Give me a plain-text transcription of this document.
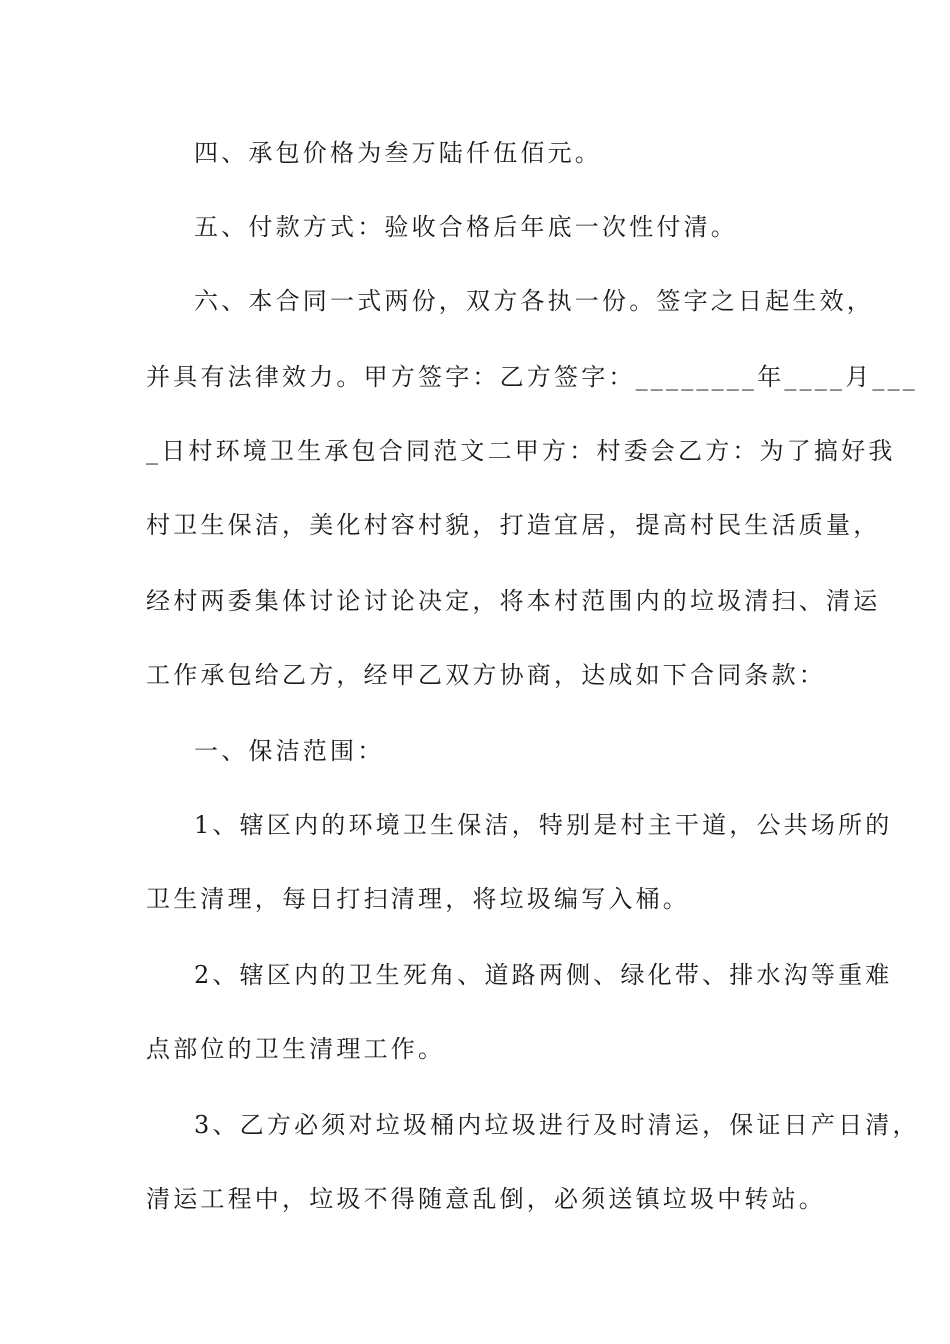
四、承包价格为叁万陆仟伍佰元。
五、付款方式：验收合格后年底一次性付清。
六、本合同一式两份，双方各执一份。签字之日起生效，
并具有法律效力。甲方签字：乙方签字：________年____月___
_日村环境卫生承包合同范文二甲方：村委会乙方：为了搞好我
村卫生保洁，美化村容村貌，打造宜居，提高村民生活质量，
经村两委集体讨论讨论决定，将本村范围内的垃圾清扫、清运
工作承包给乙方，经甲乙双方协商，达成如下合同条款：
一、保洁范围：
1、辖区内的环境卫生保洁，特别是村主干道，公共场所的
卫生清理，每日打扫清理，将垃圾编写入桶。
2、辖区内的卫生死角、道路两侧、绿化带、排水沟等重难
点部位的卫生清理工作。
3、乙方必须对垃圾桶内垃圾进行及时清运，保证日产日清，
清运工程中，垃圾不得随意乱倒，必须送镇垃圾中转站。
